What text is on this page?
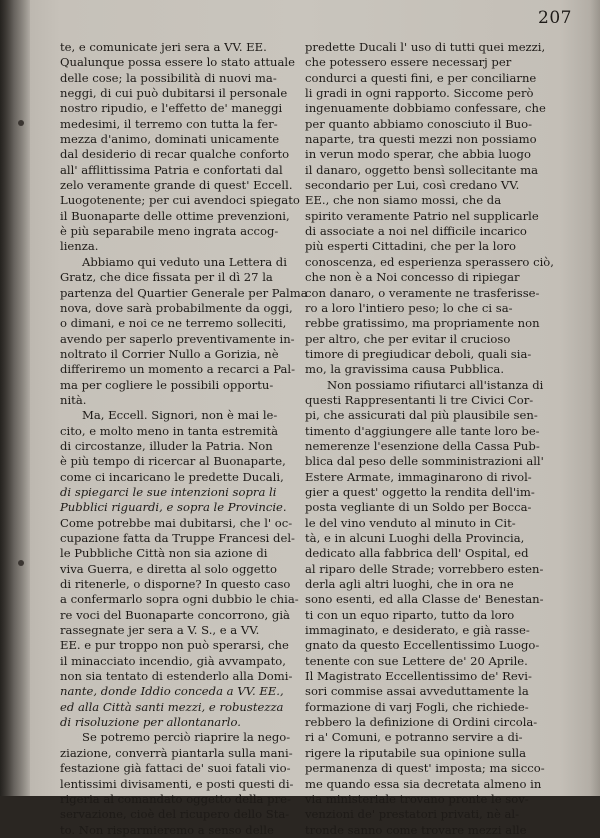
207
te, e comunicate jeri sera a VV. EE.
Qualunque possa essere lo stato attuale
delle cose; la possibilità di nuovi ma-
neggi, di cui può dubitarsi il personale
nostro ripudio, e l'effetto de' maneggi
medesimi, il terremo con tutta la fer-
mezza d'animo, dominati unicamente
dal desiderio di recar qualche conforto
all' afflittissima Patria e confortati dal
zelo veramente grande di quest' Eccell.
Luogotenente; per cui avendoci spiegato
il Buonaparte delle ottime prevenzioni,
è più separabile meno ingrata accog-
lienza.
Abbiamo qui veduto una Lettera di
Gratz, che dice fissata per il dì 27 la
partenza del Quartier Generale per Palma
nova, dove sarà probabilmente da oggi,
o dimani, e noi ce ne terremo solleciti,
avendo per saperlo preventivamente in-
noltrato il Corrier Nullo a Gorizia, nè
differiremo un momento a recarci a Pal-
ma per cogliere le possibili opportu-
nità.
Ma, Eccell. Signori, non è mai le-
cito, e molto meno in tanta estremità
di circostanze, illuder la Patria. Non
è più tempo di ricercar al Buonaparte,
come ci incaricano le predette Ducali,
di spiegarci le sue intenzioni sopra li
Pubblici riguardi, e sopra le Provincie.
Come potrebbe mai dubitarsi, che l' oc-
cupazione fatta da Truppe Francesi del-
le Pubbliche Città non sia azione di
viva Guerra, e diretta al solo oggetto
di ritenerle, o disporne? In questo caso
a confermarlo sopra ogni dubbio le chia-
re voci del Buonaparte concorrono, già
rassegnate jer sera a V. S., e a VV.
EE. e pur troppo non può sperarsi, che
il minacciato incendio, già avvampato,
non sia tentato di estenderlo alla Domi-
nante, donde Iddio conceda a VV. EE.,
ed alla Città santi mezzi, e robustezza
di risoluzione per allontanarlo.
Se potremo perciò riaprire la nego-
ziazione, converrà piantarla sulla mani-
festazione già fattaci de' suoi fatali vio-
lentissimi divisamenti, e posti questi di-
rigeria al comandato oggetto della pre-
servazione, cioè del ricupero dello Sta-
to. Non risparmieremo a senso delle
predette Ducali l' uso di tutti quei mezzi,
che potessero essere necessarj per
condurci a questi fini, e per conciliarne
li gradi in ogni rapporto. Siccome però
ingenuamente dobbiamo confessare, che
per quanto abbiamo conosciuto il Buo-
naparte, tra questi mezzi non possiamo
in verun modo sperar, che abbia luogo
il danaro, oggetto bensì sollecitante ma
secondario per Lui, così credano VV.
EE., che non siamo mossi, che da
spirito veramente Patrio nel supplicarle
di associate a noi nel difficile incarico
più esperti Cittadini, che per la loro
conoscenza, ed esperienza sperassero ciò,
che non è a Noi concesso di ripiegar
con danaro, o veramente ne trasferisse-
ro a loro l'intiero peso; lo che ci sa-
rebbe gratissimo, ma propriamente non
per altro, che per evitar il crucioso
timore di pregiudicar deboli, quali sia-
mo, la gravissima causa Pubblica.
Non possiamo rifiutarci all'istanza di
questi Rappresentanti li tre Civici Cor-
pi, che assicurati dal più plausibile sen-
timento d'aggiungere alle tante loro be-
nemerenze l'esenzione della Cassa Pub-
blica dal peso delle somministrazioni all'
Estere Armate, immaginarono di rivol-
gier a quest' oggetto la rendita dell'im-
posta vegliante di un Soldo per Bocca-
le del vino venduto al minuto in Cit-
tà, e in alcuni Luoghi della Provincia,
dedicato alla fabbrica dell' Ospital, ed
al riparo delle Strade; vorrebbero esten-
derla agli altri luoghi, che in ora ne
sono esenti, ed alla Classe de' Benestan-
ti con un equo riparto, tutto da loro
immaginato, e desiderato, e già rasse-
gnato da questo Eccellentissimo Luogo-
tenente con sue Lettere de' 20 Aprile.
Il Magistrato Eccellentissimo de' Revi-
sori commise assai avveduttamente la
formazione di varj Fogli, che richiede-
rebbero la definizione di Ordini circola-
ri a' Comuni, e potranno servire a di-
rigere la riputabile sua opinione sulla
permanenza di quest' imposta; ma sicco-
me quando essa sia decretata almeno in
via ministeriale trovano pronte le sov-
venzioni de' prestatori privati, nè al-
tronde sanno come trovare mezzi alle
